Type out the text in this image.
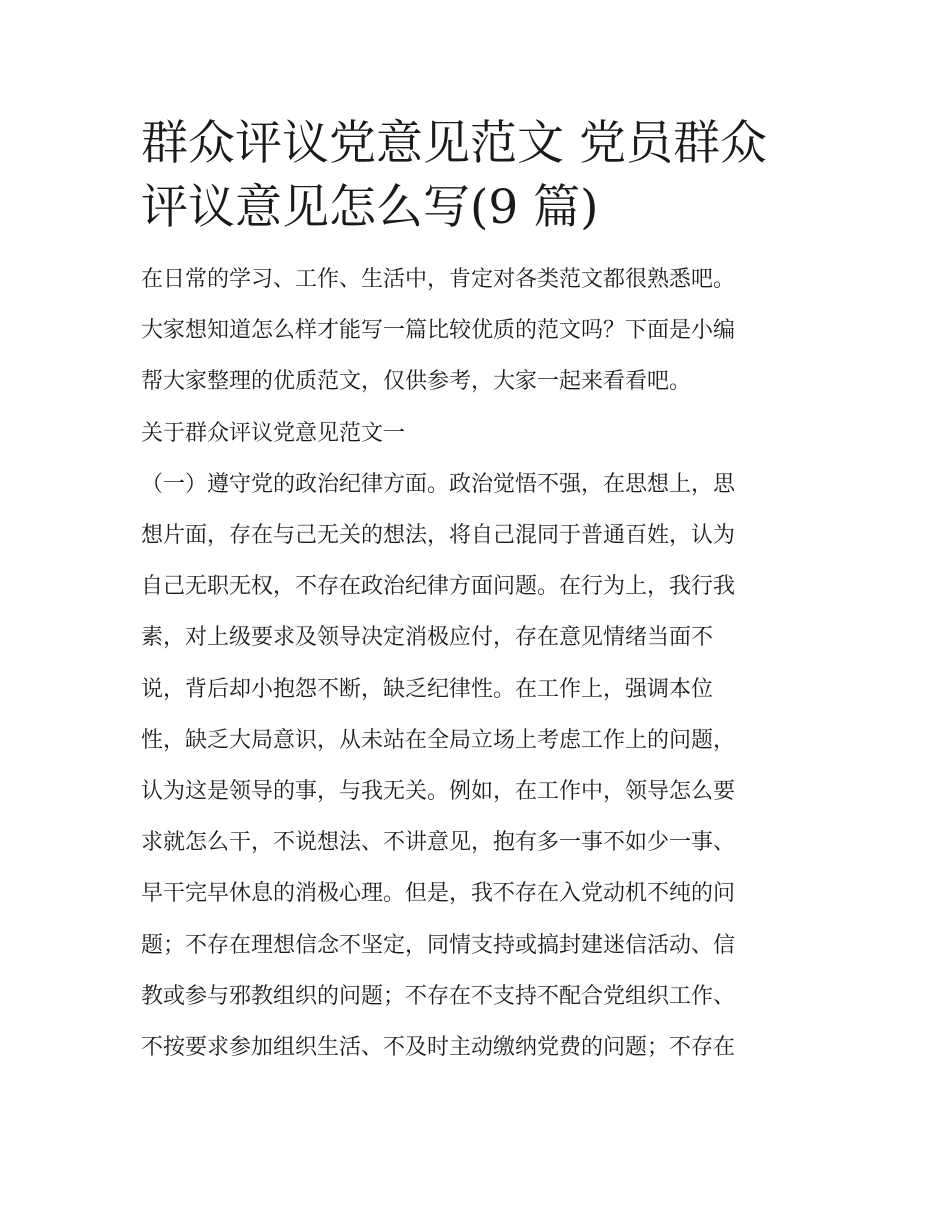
群众评议党意见范文 党员群众
评议意见怎么写(9 篇)

在日常的学习、工作、生活中，肯定对各类范文都很熟悉吧。
大家想知道怎么样才能写一篇比较优质的范文吗？下面是小编
帮大家整理的优质范文，仅供参考，大家一起来看看吧。

关于群众评议党意见范文一

（一）遵守党的政治纪律方面。政治觉悟不强，在思想上，思
想片面，存在与己无关的想法，将自己混同于普通百姓，认为
自己无职无权，不存在政治纪律方面问题。在行为上，我行我
素，对上级要求及领导决定消极应付，存在意见情绪当面不
说，背后却小抱怨不断，缺乏纪律性。在工作上，强调本位
性，缺乏大局意识，从未站在全局立场上考虑工作上的问题，
认为这是领导的事，与我无关。例如，在工作中，领导怎么要
求就怎么干，不说想法、不讲意见，抱有多一事不如少一事、
早干完早休息的消极心理。但是，我不存在入党动机不纯的问
题；不存在理想信念不坚定，同情支持或搞封建迷信活动、信
教或参与邪教组织的问题；不存在不支持不配合党组织工作、
不按要求参加组织生活、不及时主动缴纳党费的问题；不存在
